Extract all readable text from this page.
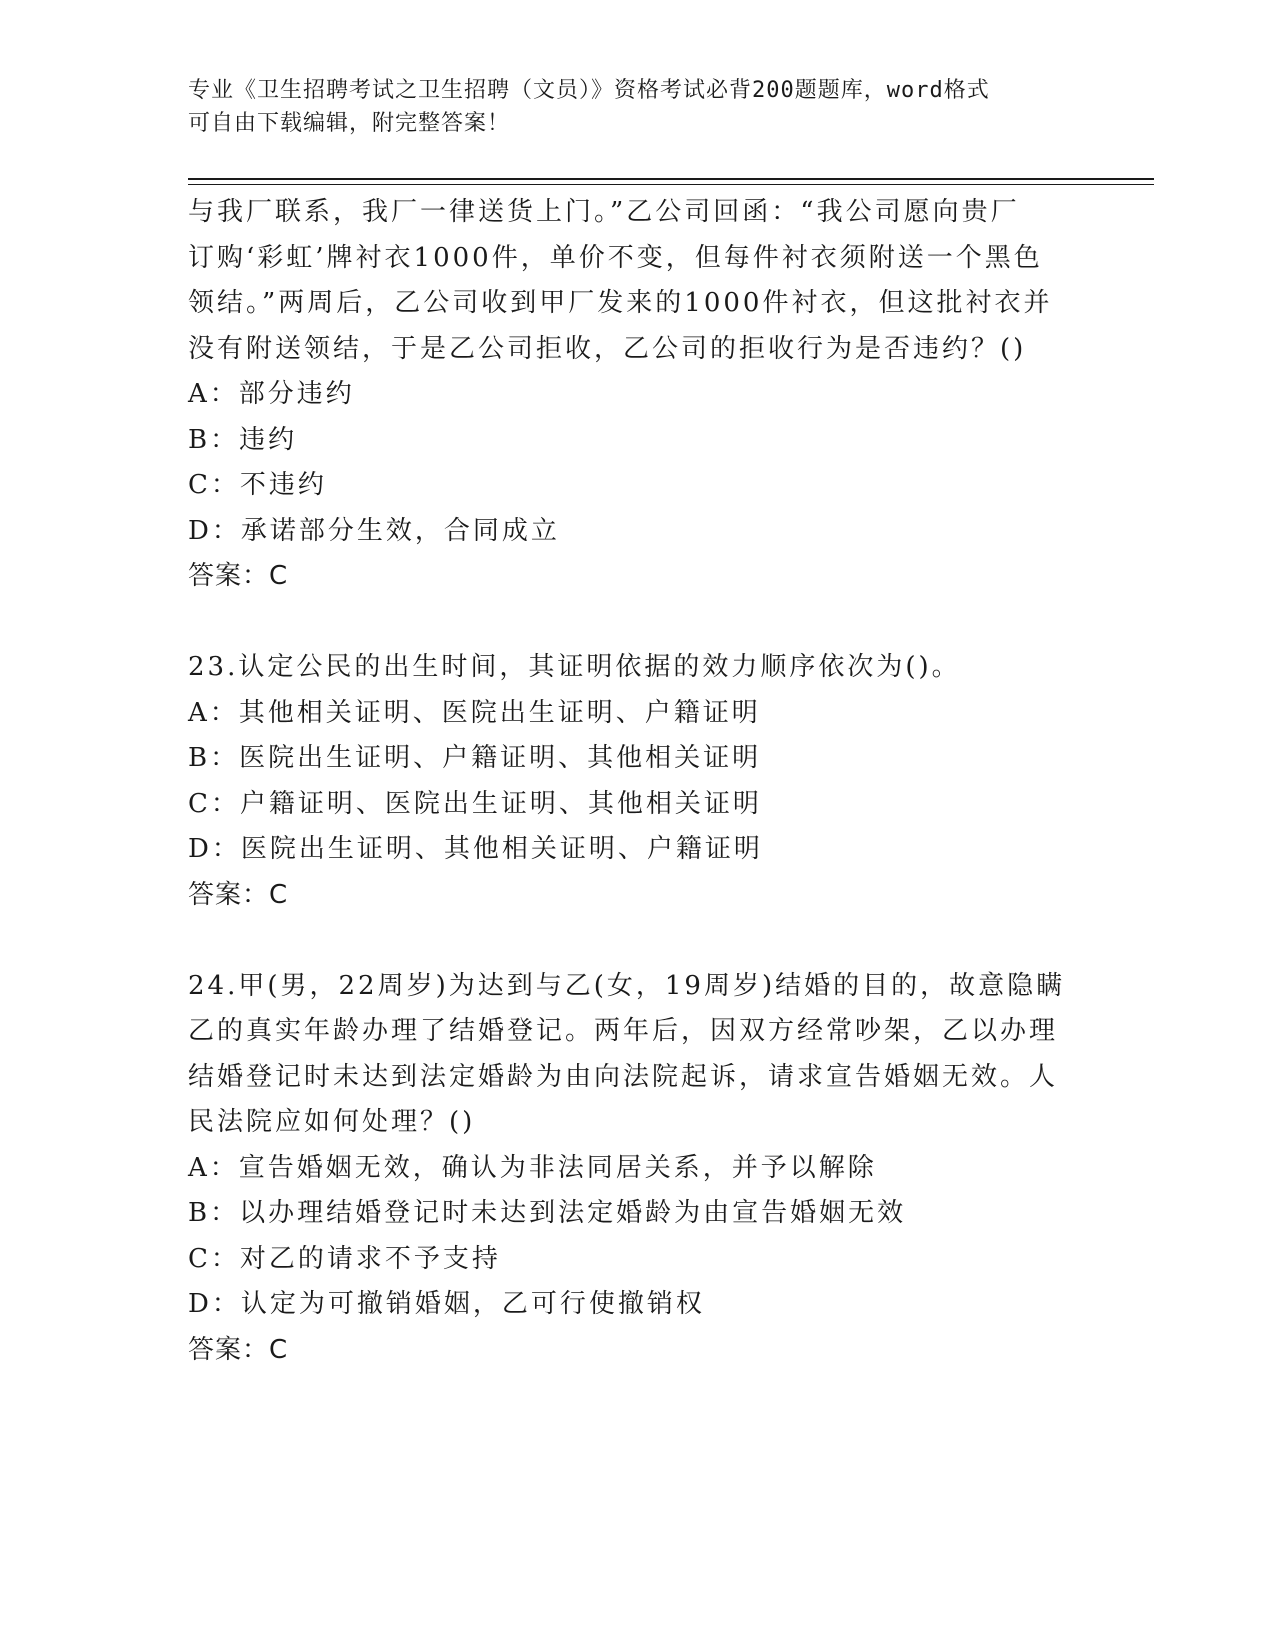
专业《卫生招聘考试之卫生招聘（文员）》资格考试必背200题题库，word格式
可自由下载编辑，附完整答案！
与我厂联系，我厂一律送货上门。”乙公司回函：“我公司愿向贵厂
订购‘彩虹’牌衬衣1000件，单价不变，但每件衬衣须附送一个黑色
领结。”两周后，乙公司收到甲厂发来的1000件衬衣，但这批衬衣并
没有附送领结，于是乙公司拒收，乙公司的拒收行为是否违约？()
A：部分违约
B：违约
C：不违约
D：承诺部分生效，合同成立
答案：C
23.认定公民的出生时间，其证明依据的效力顺序依次为()。
A：其他相关证明、医院出生证明、户籍证明
B：医院出生证明、户籍证明、其他相关证明
C：户籍证明、医院出生证明、其他相关证明
D：医院出生证明、其他相关证明、户籍证明
答案：C
24.甲(男，22周岁)为达到与乙(女，19周岁)结婚的目的，故意隐瞒
乙的真实年龄办理了结婚登记。两年后，因双方经常吵架，乙以办理
结婚登记时未达到法定婚龄为由向法院起诉，请求宣告婚姻无效。人
民法院应如何处理？()
A：宣告婚姻无效，确认为非法同居关系，并予以解除
B：以办理结婚登记时未达到法定婚龄为由宣告婚姻无效
C：对乙的请求不予支持
D：认定为可撤销婚姻，乙可行使撤销权
答案：C
